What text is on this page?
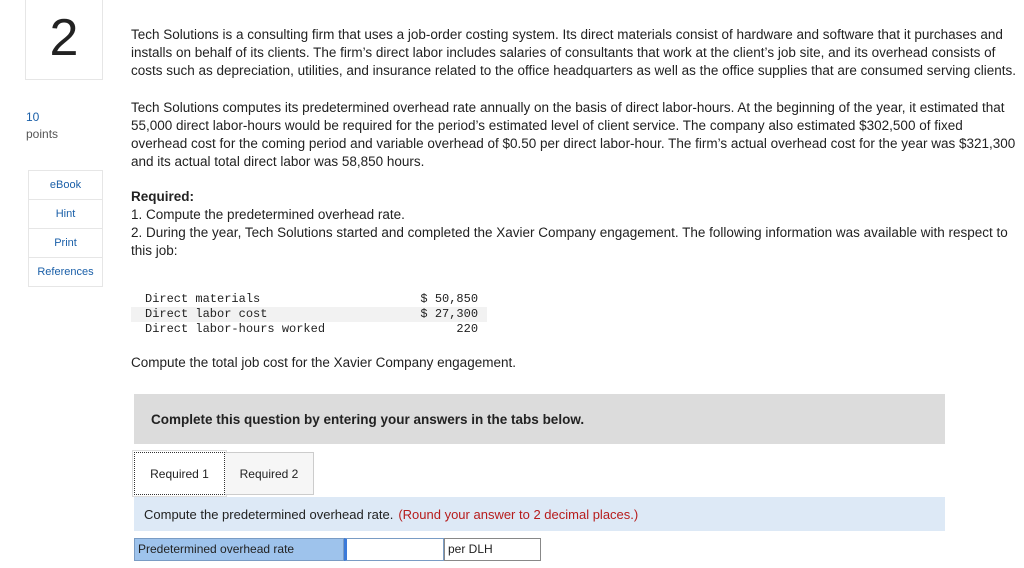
2
10
points
eBook
Hint
Print
References

Tech Solutions is a consulting firm that uses a job-order costing system. Its direct materials consist of hardware and software that it purchases and installs on behalf of its clients. The firm’s direct labor includes salaries of consultants that work at the client’s job site, and its overhead consists of costs such as depreciation, utilities, and insurance related to the office headquarters as well as the office supplies that are consumed serving clients.

Tech Solutions computes its predetermined overhead rate annually on the basis of direct labor-hours. At the beginning of the year, it estimated that 55,000 direct labor-hours would be required for the period’s estimated level of client service. The company also estimated $302,500 of fixed overhead cost for the coming period and variable overhead of $0.50 per direct labor-hour. The firm’s actual overhead cost for the year was $321,300 and its actual total direct labor was 58,850 hours.

Required:
1. Compute the predetermined overhead rate.
2. During the year, Tech Solutions started and completed the Xavier Company engagement. The following information was available with respect to this job:
Direct materials	$ 50,850
Direct labor cost	$ 27,300
Direct labor-hours worked	220
Compute the total job cost for the Xavier Company engagement.
Complete this question by entering your answers in the tabs below.
Required 1	Required 2
Compute the predetermined overhead rate. (Round your answer to 2 decimal places.)
Predetermined overhead rate	per DLH
